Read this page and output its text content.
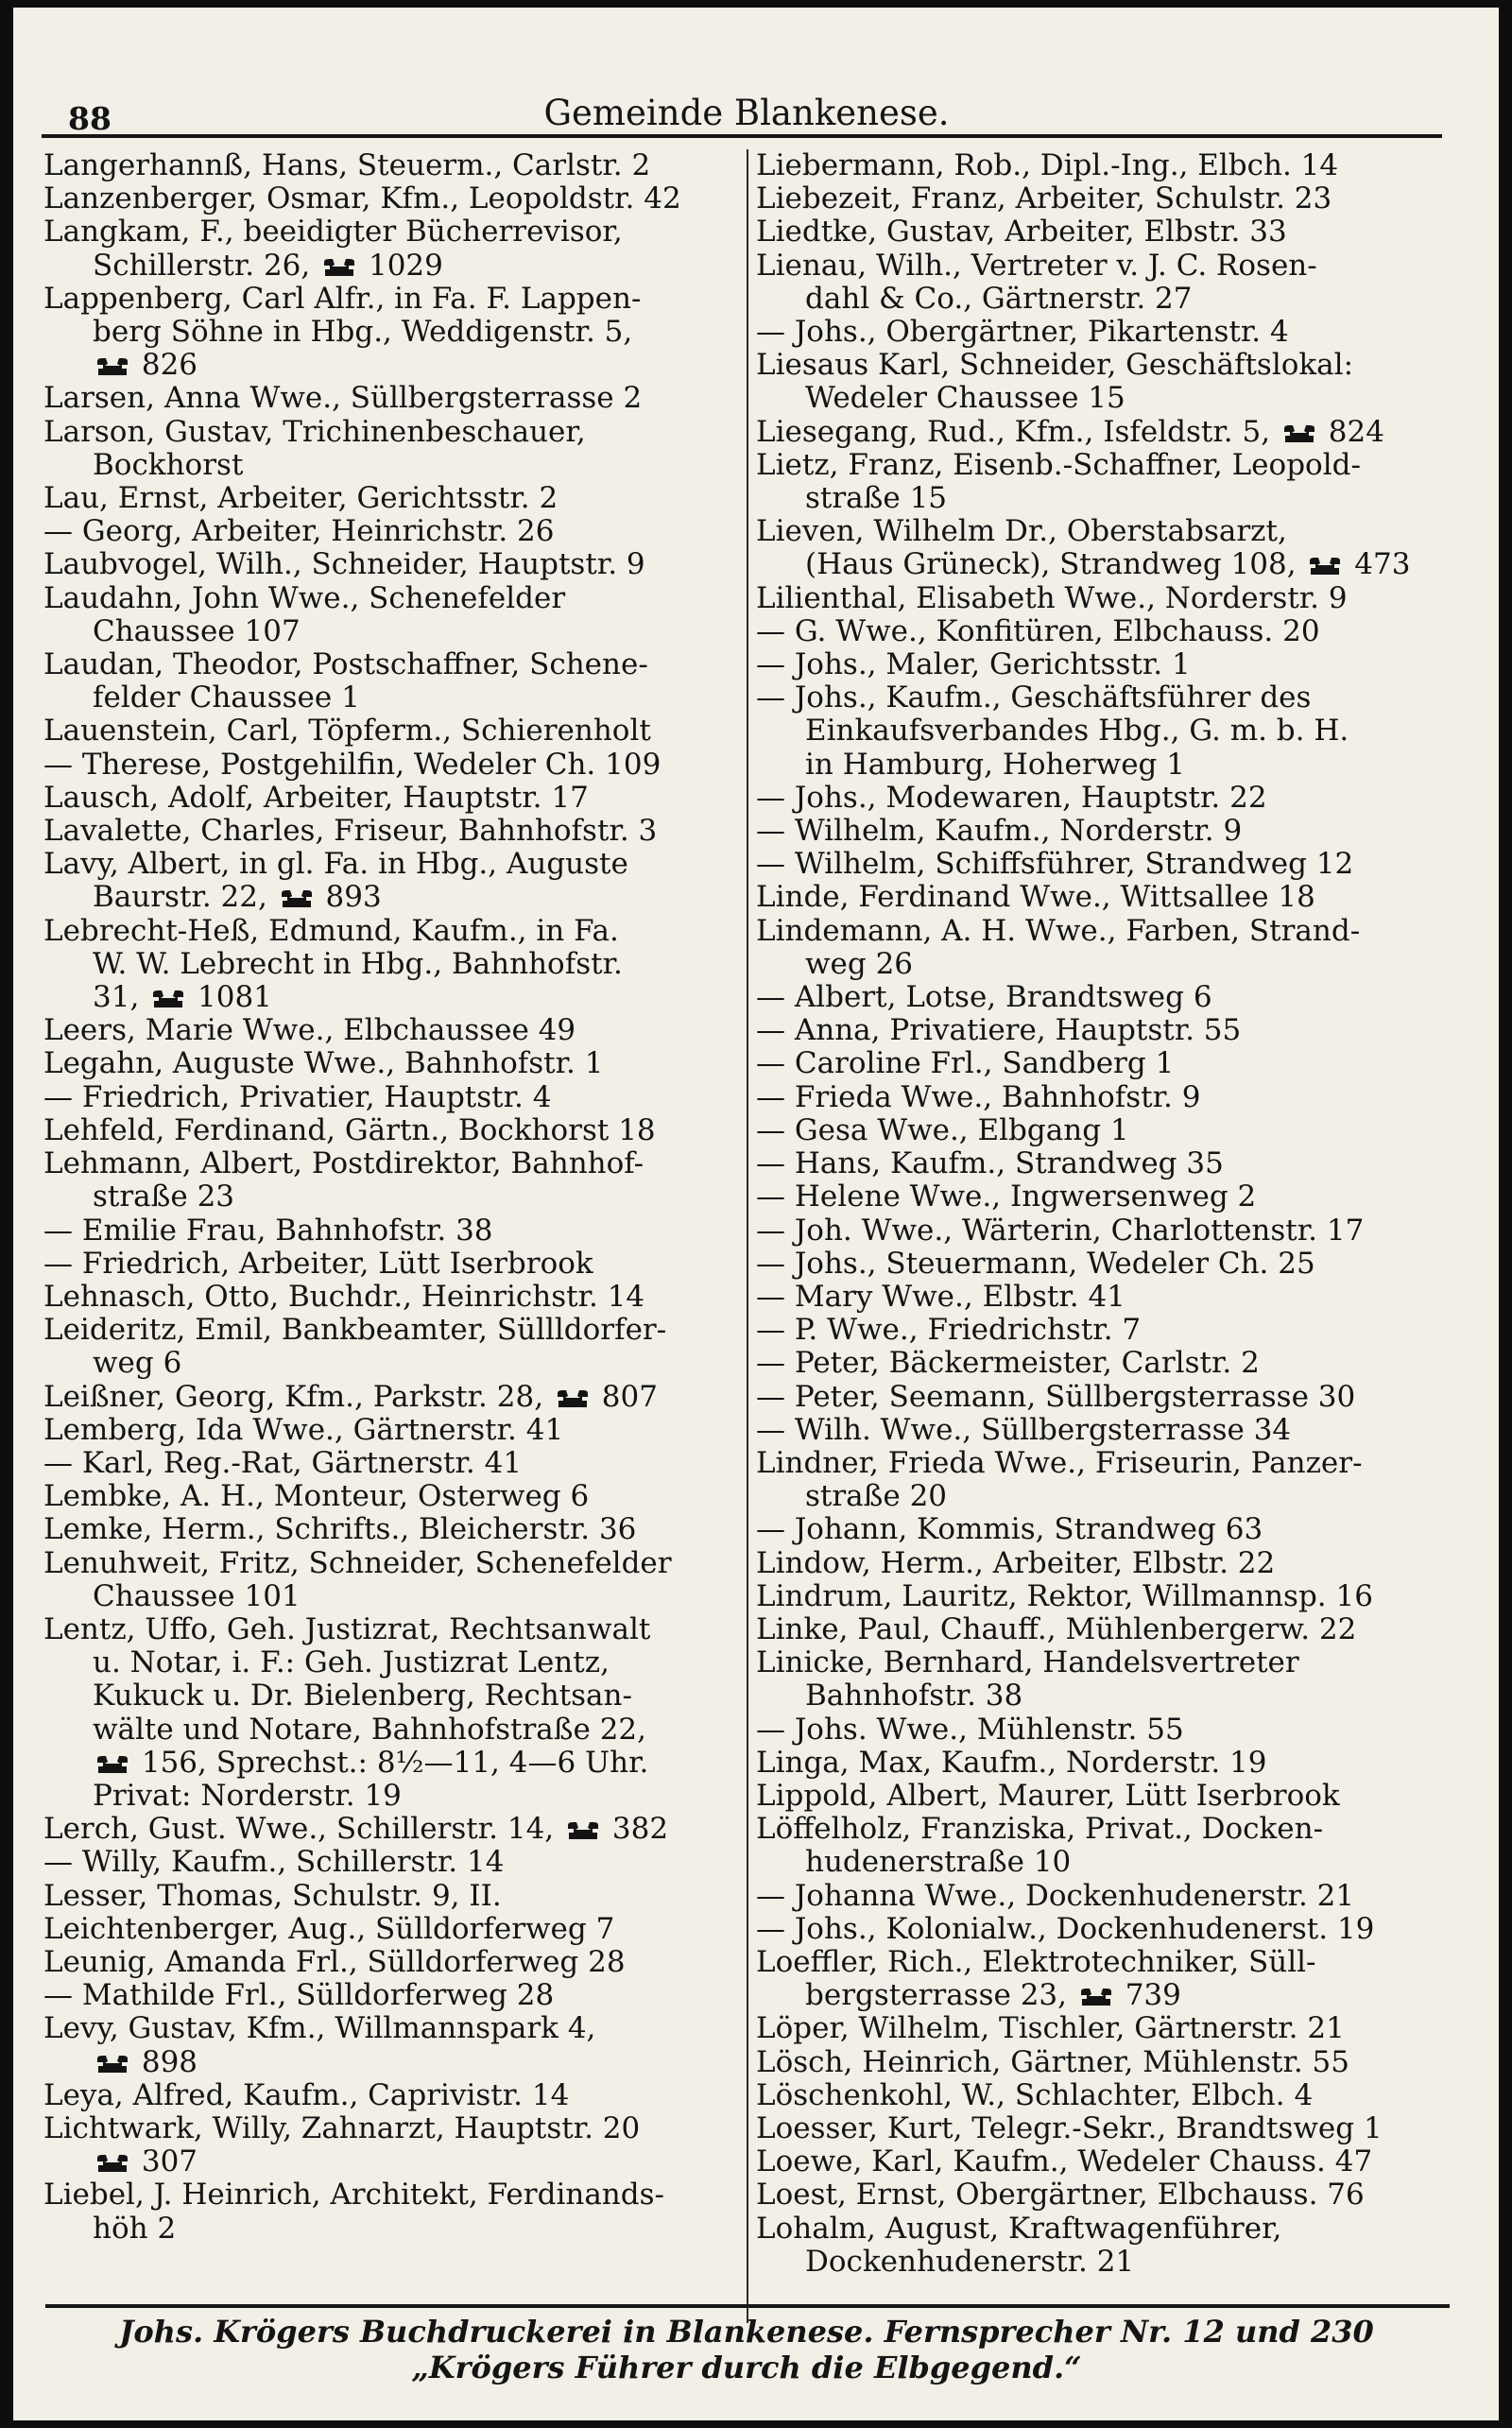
88	Gemeinde Blankenese.

Langerhannß, Hans, Steuerm., Carlstr. 2

Lanzenberger, Osmar, Kfm., Leopoldstr. 42

Langkam, F., beeidigter Bücherrevisor,

Schillerstr. 26,  1029

Lappenberg, Carl Alfr., in Fa. F. Lappen-

berg Söhne in Hbg., Weddigenstr. 5,

826

Larsen, Anna Wwe., Süllbergsterrasse 2

Larson, Gustav, Trichinenbeschauer,

Bockhorst

Lau, Ernst, Arbeiter, Gerichtsstr. 2

— Georg, Arbeiter, Heinrichstr. 26

Laubvogel, Wilh., Schneider, Hauptstr. 9

Laudahn, John Wwe., Schenefelder

Chaussee 107

Laudan, Theodor, Postschaffner, Schene-

felder Chaussee 1

Lauenstein, Carl, Töpferm., Schierenholt

— Therese, Postgehilfin, Wedeler Ch. 109

Lausch, Adolf, Arbeiter, Hauptstr. 17

Lavalette, Charles, Friseur, Bahnhofstr. 3

Lavy, Albert, in gl. Fa. in Hbg., Auguste

Baurstr. 22,  893

Lebrecht-Heß, Edmund, Kaufm., in Fa.

W. W. Lebrecht in Hbg., Bahnhofstr.

31,  1081

Leers, Marie Wwe., Elbchaussee 49

Legahn, Auguste Wwe., Bahnhofstr. 1

— Friedrich, Privatier, Hauptstr. 4

Lehfeld, Ferdinand, Gärtn., Bockhorst 18

Lehmann, Albert, Postdirektor, Bahnhof-

straße 23

— Emilie Frau, Bahnhofstr. 38

— Friedrich, Arbeiter, Lütt Iserbrook

Lehnasch, Otto, Buchdr., Heinrichstr. 14

Leideritz, Emil, Bankbeamter, Süllldorfer-

weg 6

Leißner, Georg, Kfm., Parkstr. 28,  807

Lemberg, Ida Wwe., Gärtnerstr. 41

— Karl, Reg.-Rat, Gärtnerstr. 41

Lembke, A. H., Monteur, Osterweg 6

Lemke, Herm., Schrifts., Bleicherstr. 36

Lenuhweit, Fritz, Schneider, Schenefelder

Chaussee 101

Lentz, Uffo, Geh. Justizrat, Rechtsanwalt

u. Notar, i. F.: Geh. Justizrat Lentz,

Kukuck u. Dr. Bielenberg, Rechtsan-

wälte und Notare, Bahnhofstraße 22,

156, Sprechst.: 8½—11, 4—6 Uhr.

Privat: Norderstr. 19

Lerch, Gust. Wwe., Schillerstr. 14,  382

— Willy, Kaufm., Schillerstr. 14

Lesser, Thomas, Schulstr. 9, II.

Leichtenberger, Aug., Sülldorferweg 7

Leunig, Amanda Frl., Sülldorferweg 28

— Mathilde Frl., Sülldorferweg 28

Levy, Gustav, Kfm., Willmannspark 4,

898

Leya, Alfred, Kaufm., Caprivistr. 14

Lichtwark, Willy, Zahnarzt, Hauptstr. 20

307

Liebel, J. Heinrich, Architekt, Ferdinands-

höh 2

Liebermann, Rob., Dipl.-Ing., Elbch. 14

Liebezeit, Franz, Arbeiter, Schulstr. 23

Liedtke, Gustav, Arbeiter, Elbstr. 33

Lienau, Wilh., Vertreter v. J. C. Rosen-

dahl & Co., Gärtnerstr. 27

— Johs., Obergärtner, Pikartenstr. 4

Liesaus Karl, Schneider, Geschäftslokal:

Wedeler Chaussee 15

Liesegang, Rud., Kfm., Isfeldstr. 5,  824

Lietz, Franz, Eisenb.-Schaffner, Leopold-

straße 15

Lieven, Wilhelm Dr., Oberstabsarzt,

(Haus Grüneck), Strandweg 108,  473

Lilienthal, Elisabeth Wwe., Norderstr. 9

— G. Wwe., Konfitüren, Elbchauss. 20

— Johs., Maler, Gerichtsstr. 1

— Johs., Kaufm., Geschäftsführer des

Einkaufsverbandes Hbg., G. m. b. H.

in Hamburg, Hoherweg 1

— Johs., Modewaren, Hauptstr. 22

— Wilhelm, Kaufm., Norderstr. 9

— Wilhelm, Schiffsführer, Strandweg 12

Linde, Ferdinand Wwe., Wittsallee 18

Lindemann, A. H. Wwe., Farben, Strand-

weg 26

— Albert, Lotse, Brandtsweg 6

— Anna, Privatiere, Hauptstr. 55

— Caroline Frl., Sandberg 1

— Frieda Wwe., Bahnhofstr. 9

— Gesa Wwe., Elbgang 1

— Hans, Kaufm., Strandweg 35

— Helene Wwe., Ingwersenweg 2

— Joh. Wwe., Wärterin, Charlottenstr. 17

— Johs., Steuermann, Wedeler Ch. 25

— Mary Wwe., Elbstr. 41

— P. Wwe., Friedrichstr. 7

— Peter, Bäckermeister, Carlstr. 2

— Peter, Seemann, Süllbergsterrasse 30

— Wilh. Wwe., Süllbergsterrasse 34

Lindner, Frieda Wwe., Friseurin, Panzer-

straße 20

— Johann, Kommis, Strandweg 63

Lindow, Herm., Arbeiter, Elbstr. 22

Lindrum, Lauritz, Rektor, Willmannsp. 16

Linke, Paul, Chauff., Mühlenbergerw. 22

Linicke, Bernhard, Handelsvertreter

Bahnhofstr. 38

— Johs. Wwe., Mühlenstr. 55

Linga, Max, Kaufm., Norderstr. 19

Lippold, Albert, Maurer, Lütt Iserbrook

Löffelholz, Franziska, Privat., Docken-

hudenerstraße 10

— Johanna Wwe., Dockenhudenerstr. 21

— Johs., Kolonialw., Dockenhudenerst. 19

Loeffler, Rich., Elektrotechniker, Süll-

bergsterrasse 23,  739

Löper, Wilhelm, Tischler, Gärtnerstr. 21

Lösch, Heinrich, Gärtner, Mühlenstr. 55

Löschenkohl, W., Schlachter, Elbch. 4

Loesser, Kurt, Telegr.-Sekr., Brandtsweg 1

Loewe, Karl, Kaufm., Wedeler Chauss. 47

Loest, Ernst, Obergärtner, Elbchauss. 76

Lohalm, August, Kraftwagenführer,

Dockenhudenerstr. 21

Johs. Krögers Buchdruckerei in Blankenese. Fernsprecher Nr. 12 und 230
„Krögers Führer durch die Elbgegend.“
